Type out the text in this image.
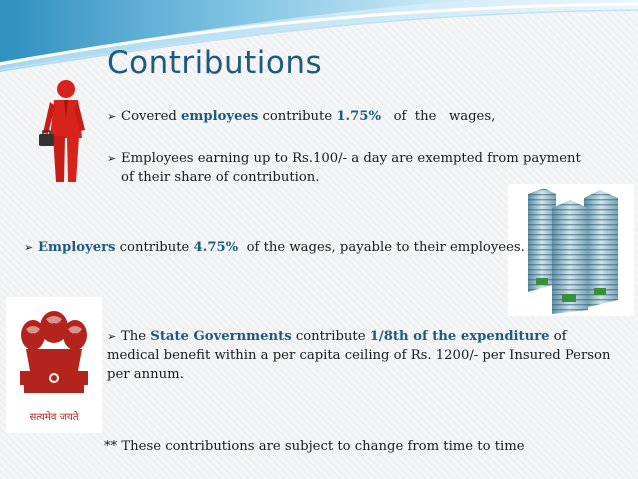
Contributions
➢ Covered employees contribute 1.75%   of  the   wages,
➢ Employees earning up to Rs.100/- a day are exempted from payment
of their share of contribution.
➢ Employers contribute 4.75%  of the wages, payable to their employees.
सत्यमेव जयते
➢ The State Governments contribute 1/8th of the expenditure of
medical benefit within a per capita ceiling of Rs. 1200/- per Insured Person
per annum.
** These contributions are subject to change from time to time
